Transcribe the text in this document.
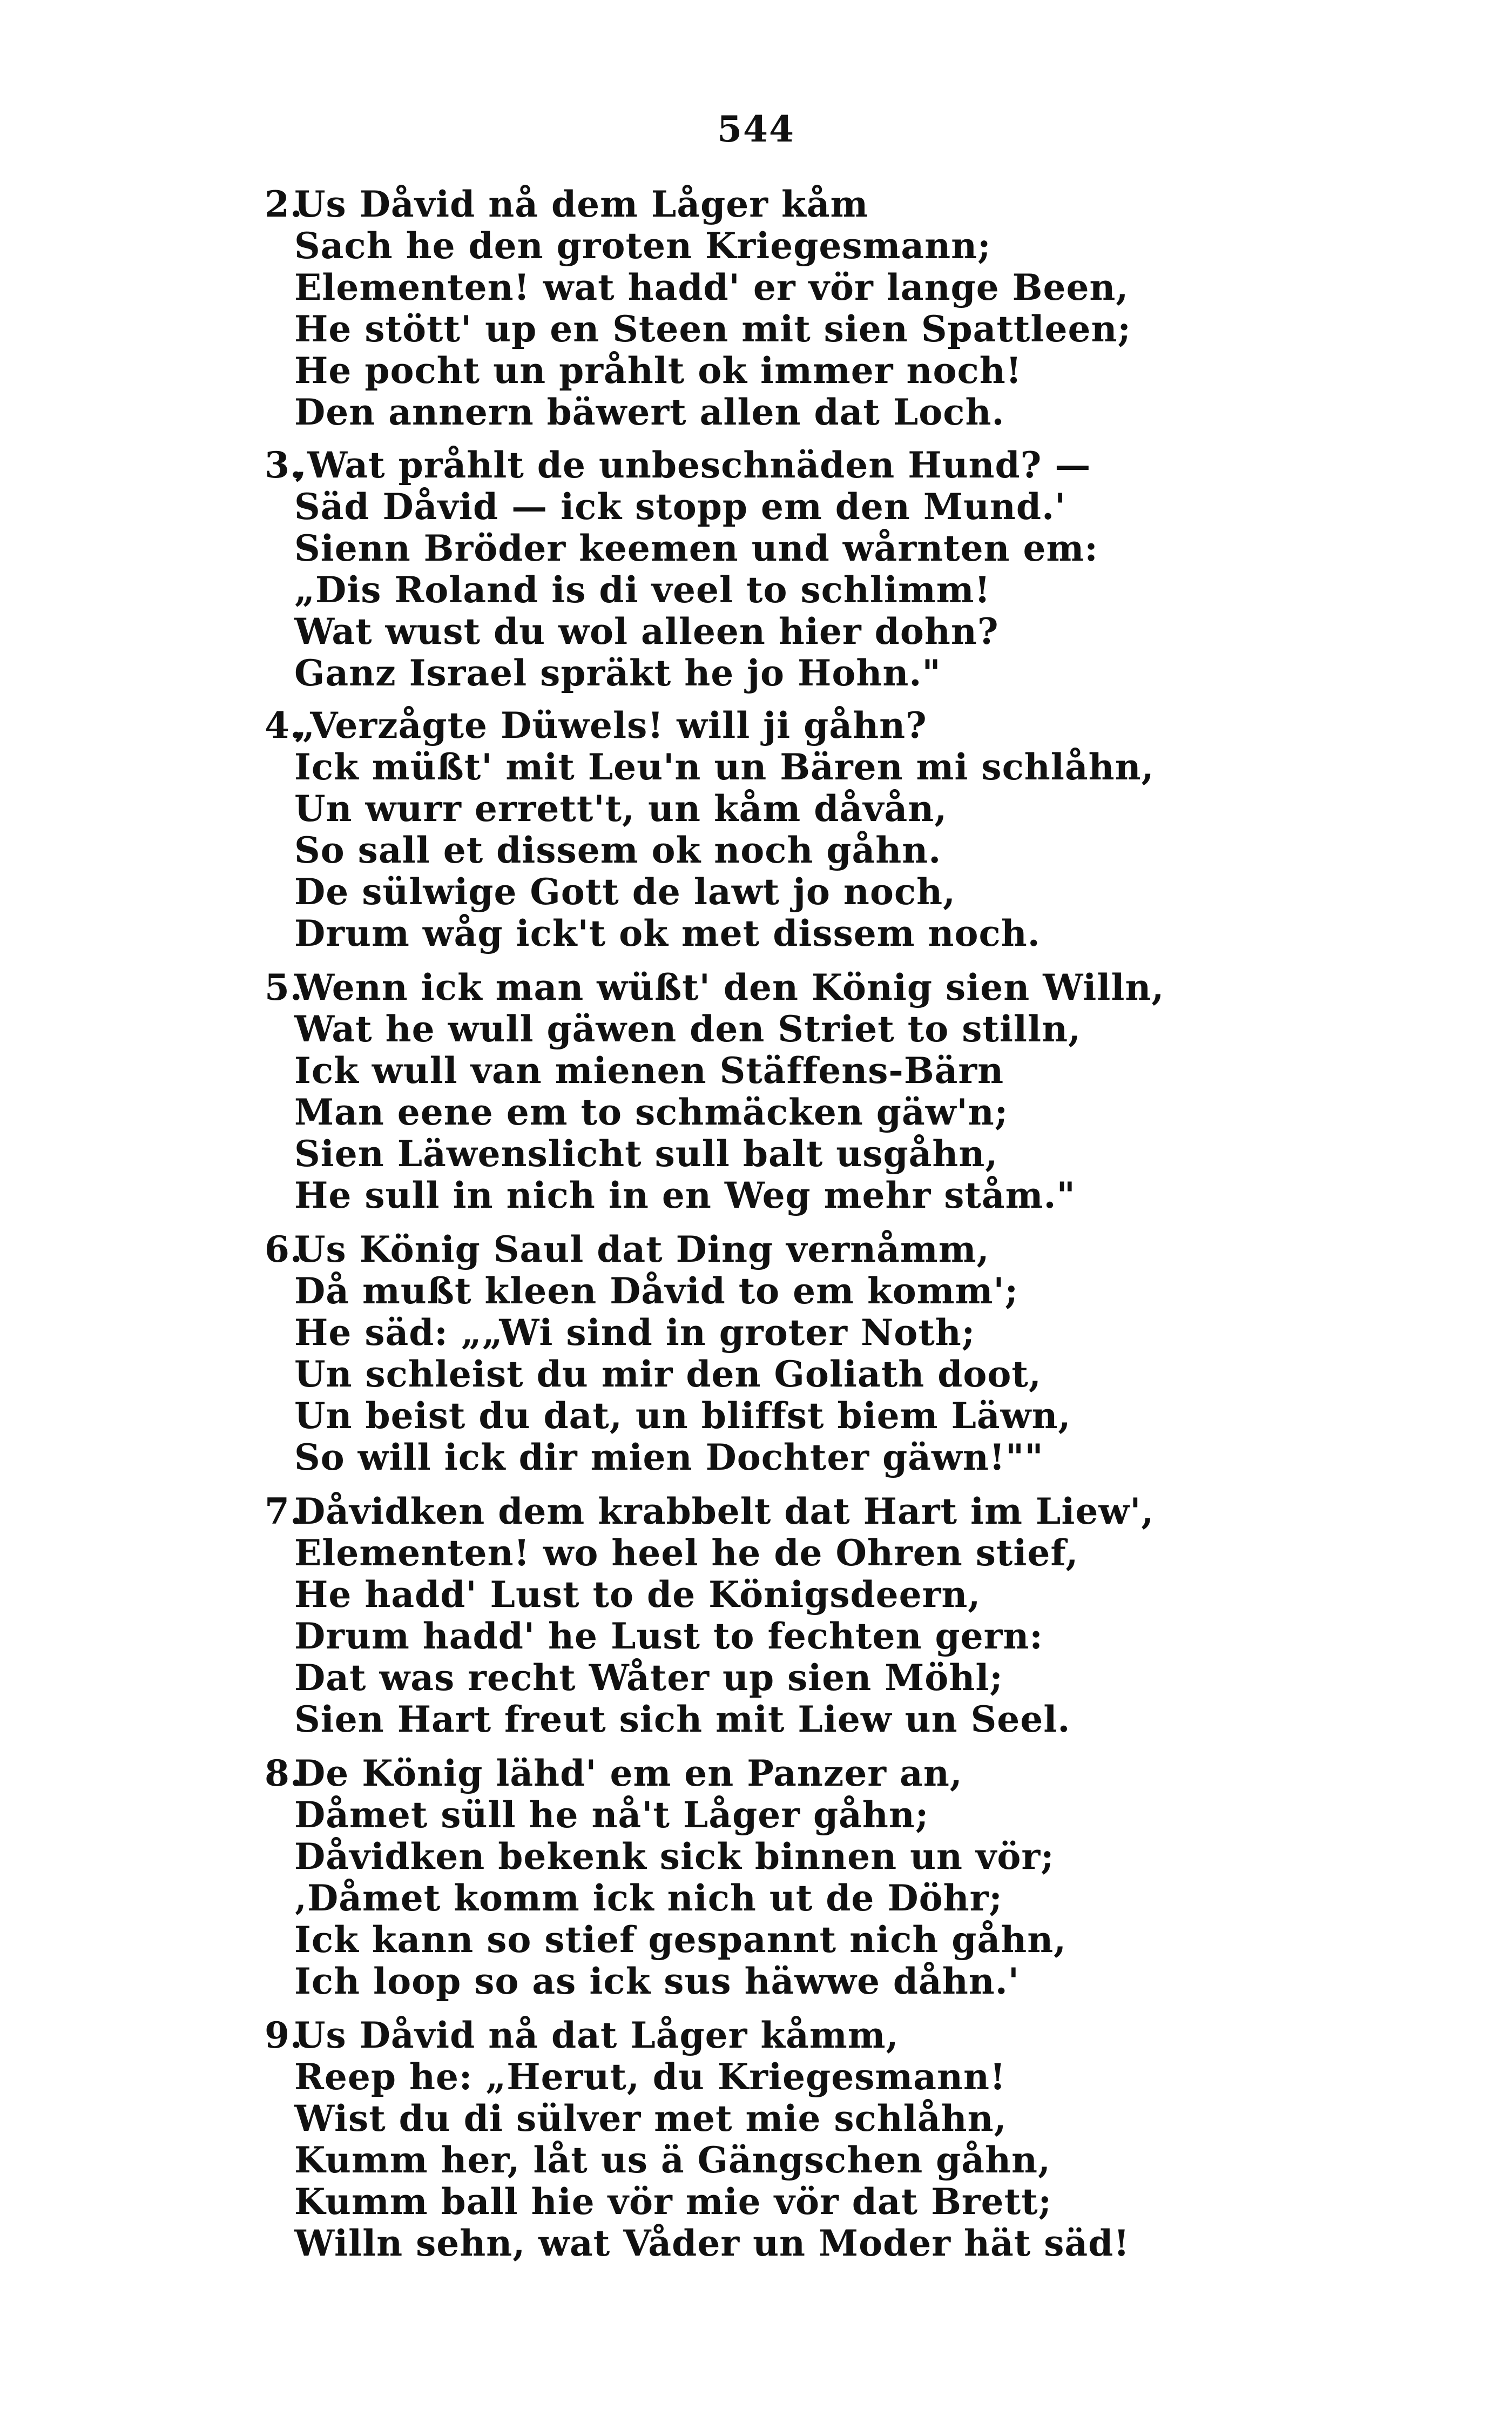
544
2.Us Dåvid nå dem Låger kåm
Sach he den groten Kriegesmann;
Elementen! wat hadd' er vör lange Been,
He stött' up en Steen mit sien Spattleen;
He pocht un pråhlt ok immer noch!
Den annern bäwert allen dat Loch.
3.‚Wat pråhlt de unbeschnäden Hund? —
Säd Dåvid — ick stopp em den Mund.'
Sienn Bröder keemen und wårnten em:
„Dis Roland is di veel to schlimm!
Wat wust du wol alleen hier dohn?
Ganz Israel spräkt he jo Hohn."
4.„Verzågte Düwels! will ji gåhn?
Ick müßt' mit Leu'n un Bären mi schlåhn,
Un wurr errett't, un kåm dåvån,
So sall et dissem ok noch gåhn.
De sülwige Gott de lawt jo noch,
Drum wåg ick't ok met dissem noch.
5.Wenn ick man wüßt' den König sien Willn,
Wat he wull gäwen den Striet to stilln,
Ick wull van mienen Stäffens-Bärn
Man eene em to schmäcken gäw'n;
Sien Läwenslicht sull balt usgåhn,
He sull in nich in en Weg mehr ståm."
6.Us König Saul dat Ding vernåmm,
Då mußt kleen Dåvid to em komm';
He säd: „„Wi sind in groter Noth;
Un schleist du mir den Goliath doot,
Un beist du dat, un bliffst biem Läwn,
So will ick dir mien Dochter gäwn!""
7.Dåvidken dem krabbelt dat Hart im Liew',
Elementen! wo heel he de Ohren stief,
He hadd' Lust to de Königsdeern,
Drum hadd' he Lust to fechten gern:
Dat was recht Wåter up sien Möhl;
Sien Hart freut sich mit Liew un Seel.
8.De König lähd' em en Panzer an,
Dåmet süll he nå't Låger gåhn;
Dåvidken bekenk sick binnen un vör;
‚Dåmet komm ick nich ut de Döhr;
Ick kann so stief gespannt nich gåhn,
Ich loop so as ick sus häwwe dåhn.'
9.Us Dåvid nå dat Låger kåmm,
Reep he: „Herut, du Kriegesmann!
Wist du di sülver met mie schlåhn,
Kumm her, låt us ä Gängschen gåhn,
Kumm ball hie vör mie vör dat Brett;
Willn sehn, wat Våder un Moder hät säd!
